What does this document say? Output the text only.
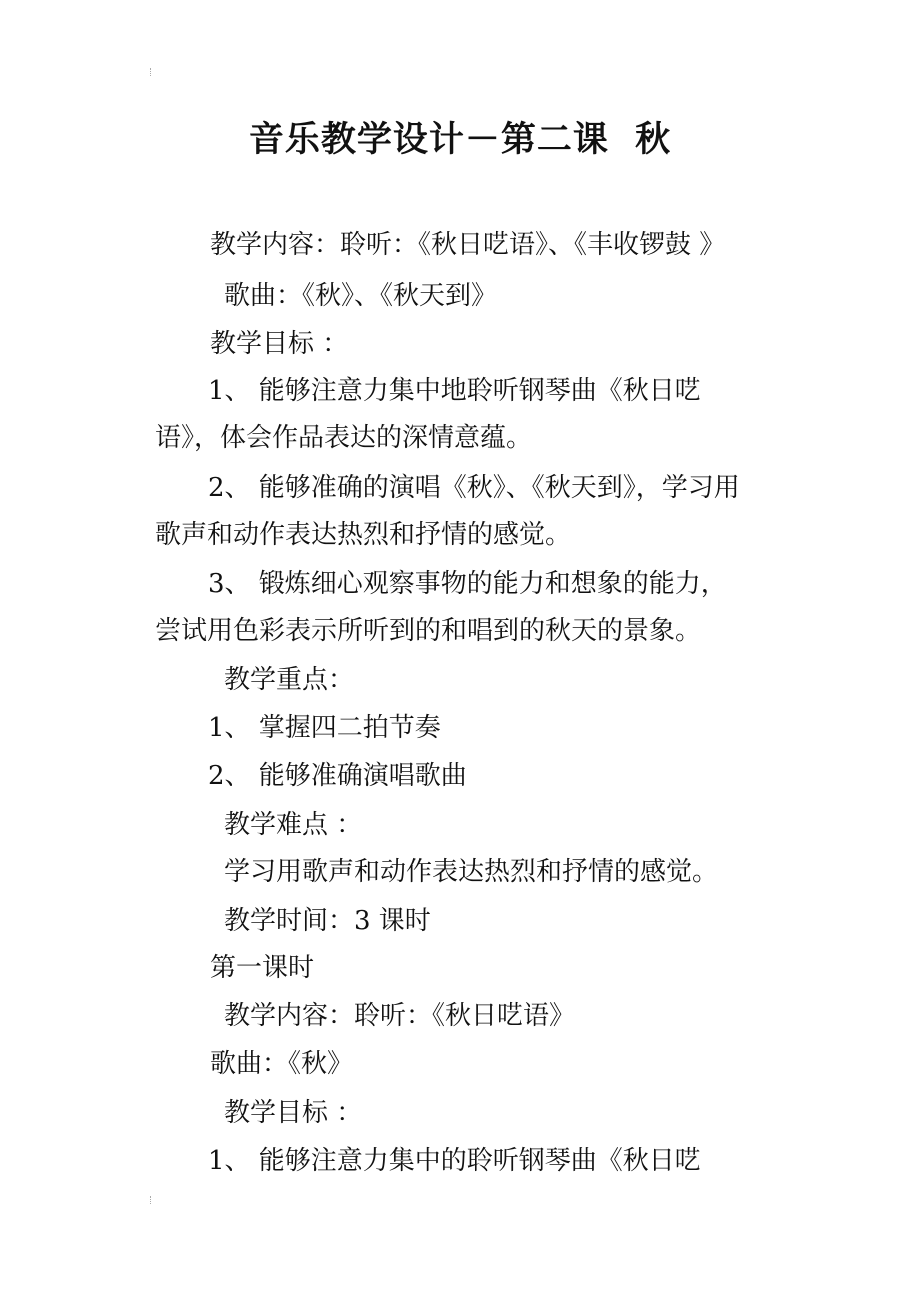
音乐教学设计－第二课  秋

教学内容：聆听：《秋日呓语》、《丰收锣鼓 》

歌曲：《秋》、《秋天到》

教学目标 ：

1、 能够注意力集中地聆听钢琴曲《秋日呓

语》，体会作品表达的深情意蕴。

2、 能够准确的演唱《秋》、《秋天到》，学习用

歌声和动作表达热烈和抒情的感觉。

3、 锻炼细心观察事物的能力和想象的能力，

尝试用色彩表示所听到的和唱到的秋天的景象。

教学重点：

1、 掌握四二拍节奏

2、 能够准确演唱歌曲

教学难点 ：

学习用歌声和动作表达热烈和抒情的感觉。

教学时间：3 课时

第一课时

教学内容：聆听：《秋日呓语》

歌曲：《秋》

教学目标 ：

1、 能够注意力集中的聆听钢琴曲《秋日呓
